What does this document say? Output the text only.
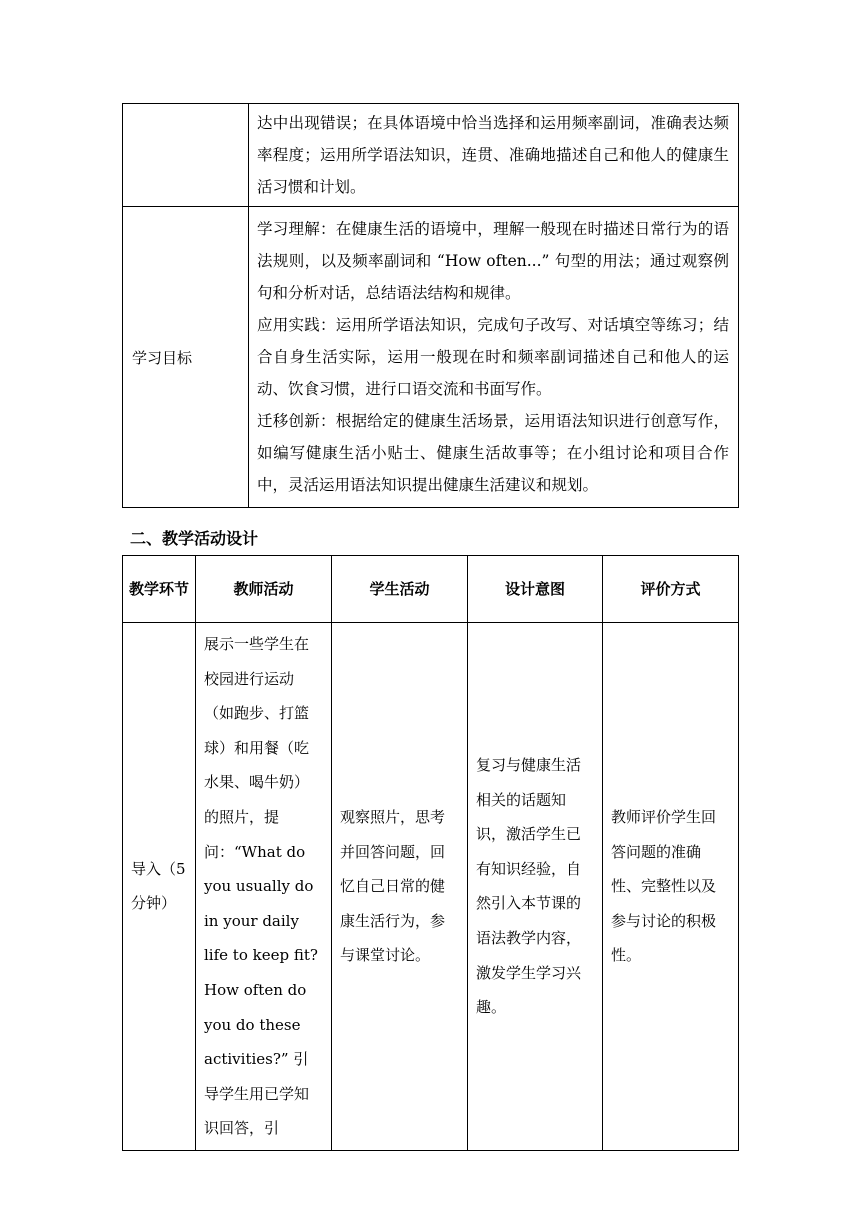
	达中出现错误；在具体语境中恰当选择和运用频率副词，准确表达频率程度；运用所学语法知识，连贯、准确地描述自己和他人的健康生活习惯和计划。
学习目标	学习理解：在健康生活的语境中，理解一般现在时描述日常行为的语法规则，以及频率副词和 “How often...” 句型的用法；通过观察例句和分析对话，总结语法结构和规律。
应用实践：运用所学语法知识，完成句子改写、对话填空等练习；结合自身生活实际，运用一般现在时和频率副词描述自己和他人的运动、饮食习惯，进行口语交流和书面写作。
迁移创新：根据给定的健康生活场景，运用语法知识进行创意写作，如编写健康生活小贴士、健康生活故事等；在小组讨论和项目合作中，灵活运用语法知识提出健康生活建议和规划。
二、教学活动设计
教学环节	教师活动	学生活动	设计意图	评价方式
导入（5分钟）	展示一些学生在校园进行运动（如跑步、打篮球）和用餐（吃水果、喝牛奶）的照片，提问：“What do you usually do in your daily life to keep fit? How often do you do these activities?” 引导学生用已学知识回答，引	观察照片，思考并回答问题，回忆自己日常的健康生活行为，参与课堂讨论。	复习与健康生活相关的话题知识，激活学生已有知识经验，自然引入本节课的语法教学内容，激发学生学习兴趣。	教师评价学生回答问题的准确性、完整性以及参与讨论的积极性。
